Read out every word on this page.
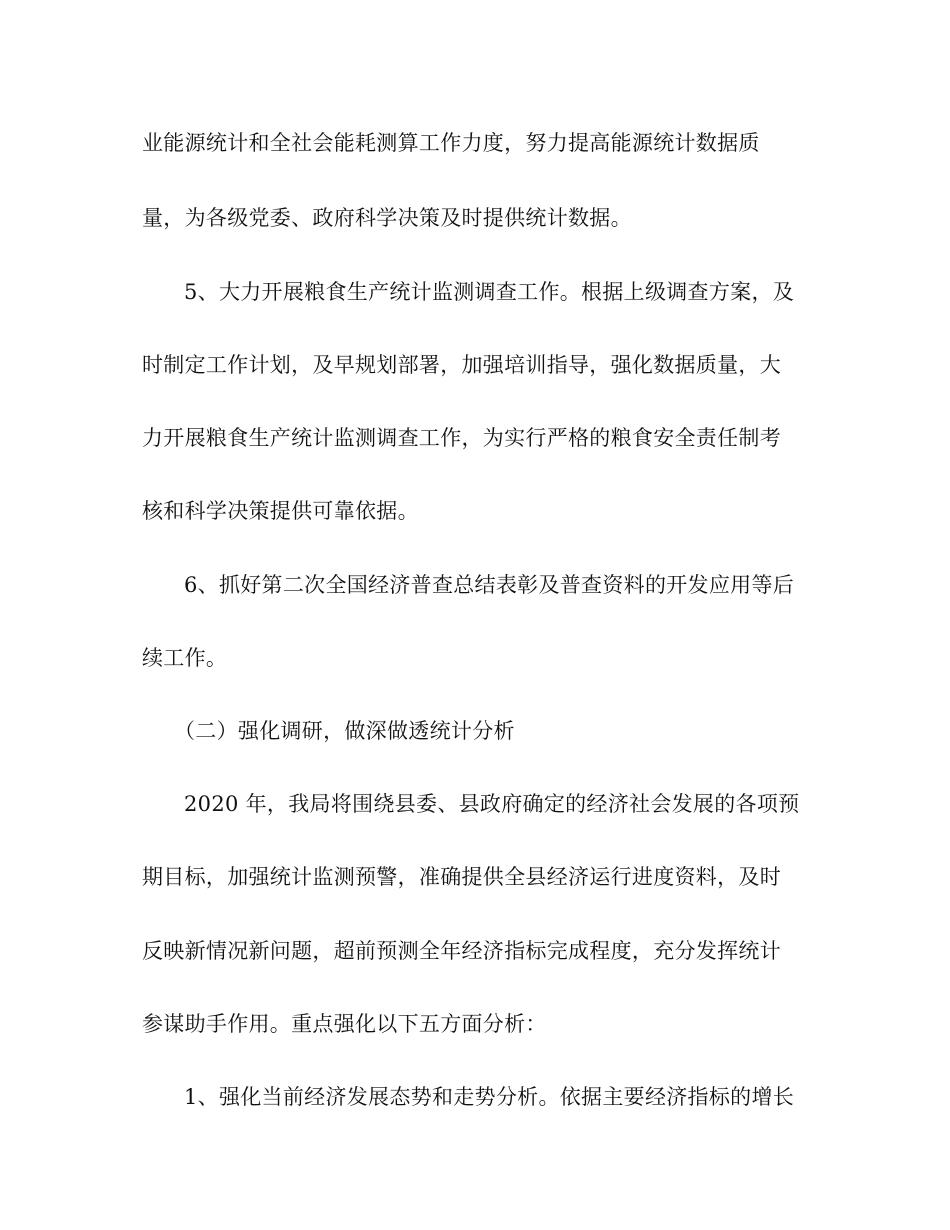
业能源统计和全社会能耗测算工作力度，努力提高能源统计数据质
量，为各级党委、政府科学决策及时提供统计数据。
5、大力开展粮食生产统计监测调查工作。根据上级调查方案，及
时制定工作计划，及早规划部署，加强培训指导，强化数据质量，大
力开展粮食生产统计监测调查工作，为实行严格的粮食安全责任制考
核和科学决策提供可靠依据。
6、抓好第二次全国经济普查总结表彰及普查资料的开发应用等后
续工作。
（二）强化调研，做深做透统计分析
2020 年，我局将围绕县委、县政府确定的经济社会发展的各项预
期目标，加强统计监测预警，准确提供全县经济运行进度资料，及时
反映新情况新问题，超前预测全年经济指标完成程度，充分发挥统计
参谋助手作用。重点强化以下五方面分析：
1、强化当前经济发展态势和走势分析。依据主要经济指标的增长
